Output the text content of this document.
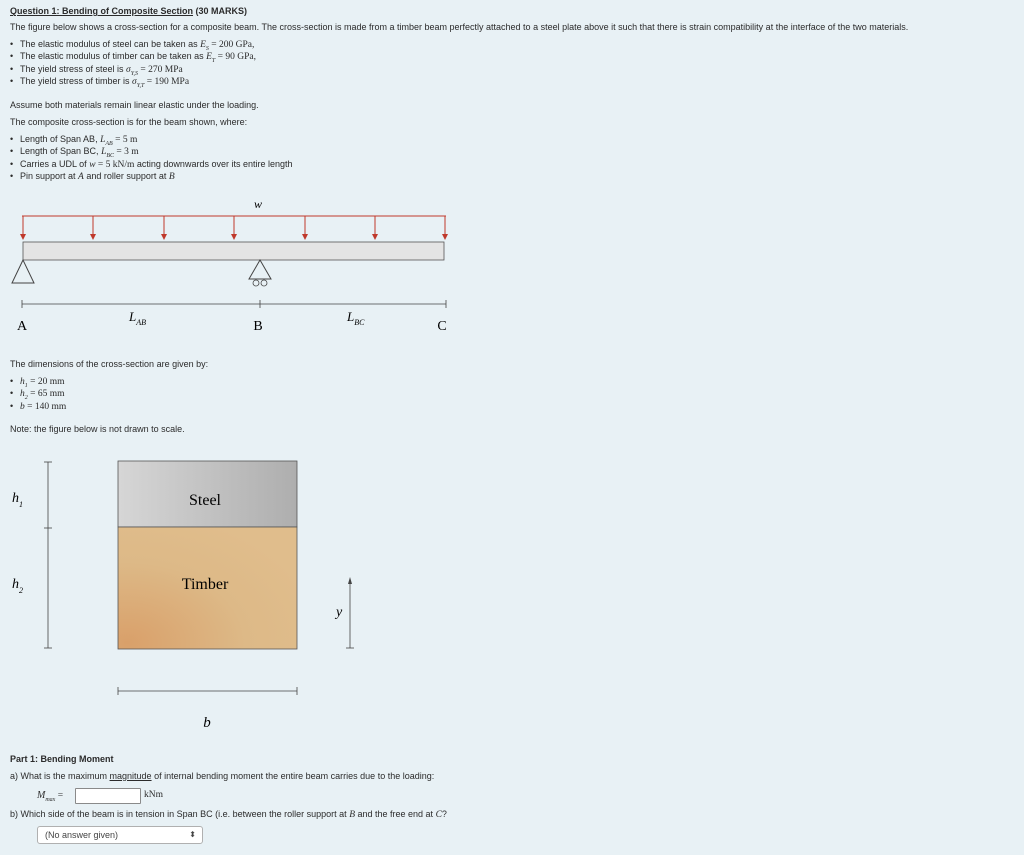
Question 1: Bending of Composite Section (30 MARKS)

The figure below shows a cross-section for a composite beam. The cross-section is made from a timber beam perfectly attached to a steel plate above it such that there is strain compatibility at the interface of the two materials.

• The elastic modulus of steel can be taken as $E_S = 200$ GPa,
• The elastic modulus of timber can be taken as $E_T = 90$ GPa,
• The yield stress of steel is $\sigma_{Y,S} = 270$ MPa
• The yield stress of timber is $\sigma_{Y,T} = 190$ MPa

Assume both materials remain linear elastic under the loading.

The composite cross-section is for the beam shown, where:

• Length of Span AB, $L_{AB} = 5$ m
• Length of Span BC, $L_{BC} = 3$ m
• Carries a UDL of w = 5 kN/m acting downwards over its entire length
• Pin support at A and roller support at B
w
A	B	C
$L_{AB}$	$L_{BC}$

The dimensions of the cross-section are given by:

• $h_1 = 20$ mm
• $h_2 = 65$ mm
• b = 140 mm

Note: the figure below is not drawn to scale.

$h_1$
$h_2$
Steel
Timber
y
b
Part 1: Bending Moment

a) What is the maximum magnitude of internal bending moment the entire beam carries due to the loading:

$M_{max}$ =	kNm

b) Which side of the beam is in tension in Span BC (i.e. between the roller support at B and the free end at C?

(No answer given)	⬍
